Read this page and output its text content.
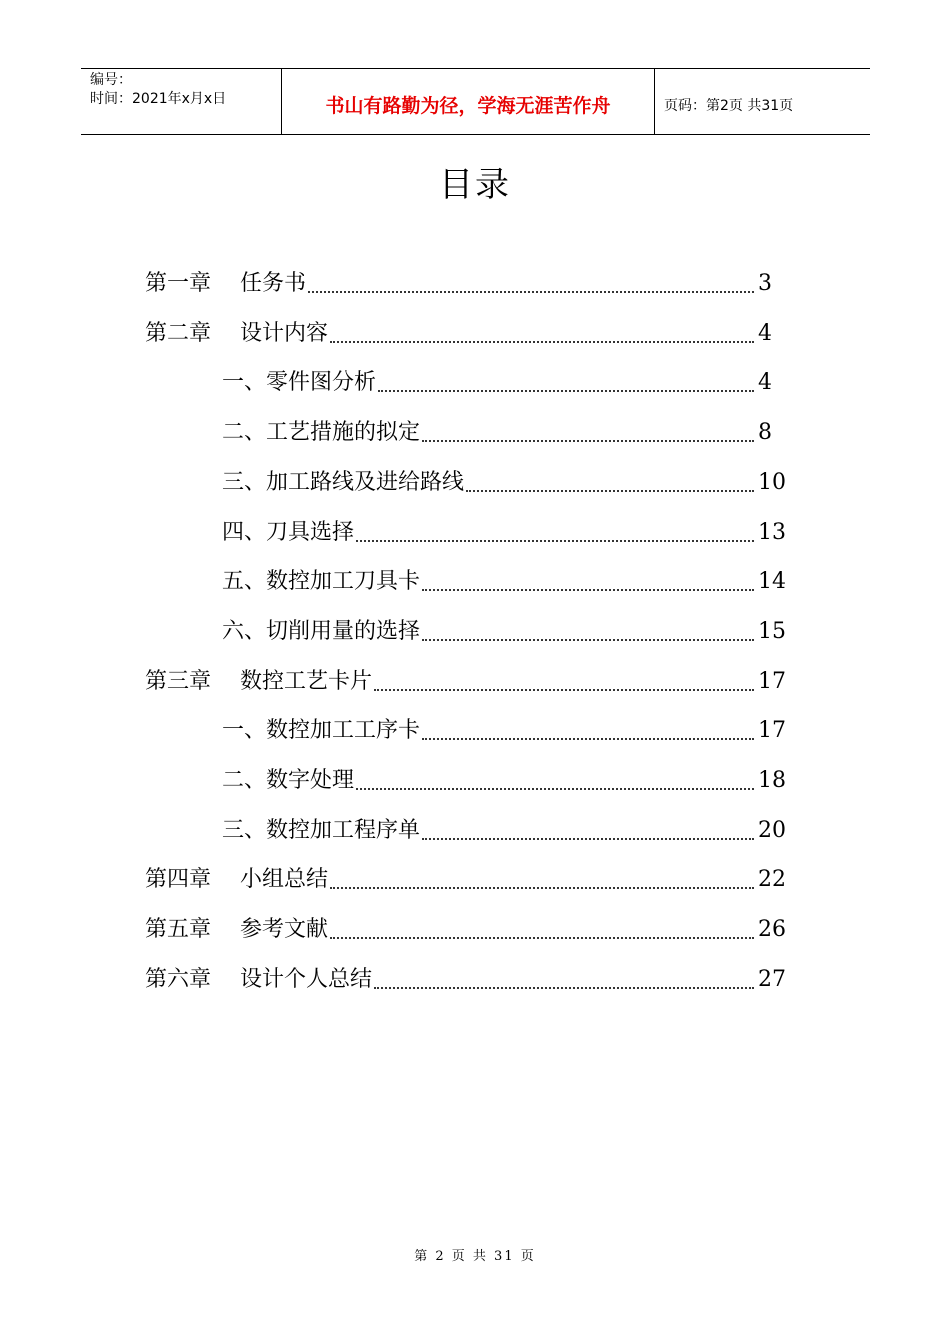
编号：
时间：2021年x月x日	书山有路勤为径，学海无涯苦作舟	页码：第2页 共31页
目录
第一章 任务书	3
第二章 设计内容	4
一、零件图分析	4
二、工艺措施的拟定	8
三、加工路线及进给路线	10
四、刀具选择	13
五、数控加工刀具卡	14
六、切削用量的选择	15
第三章 数控工艺卡片	17
一、数控加工工序卡	17
二、数字处理	18
三、数控加工程序单	20
第四章 小组总结	22
第五章 参考文献	26
第六章 设计个人总结	27
第 2 页 共 31 页
